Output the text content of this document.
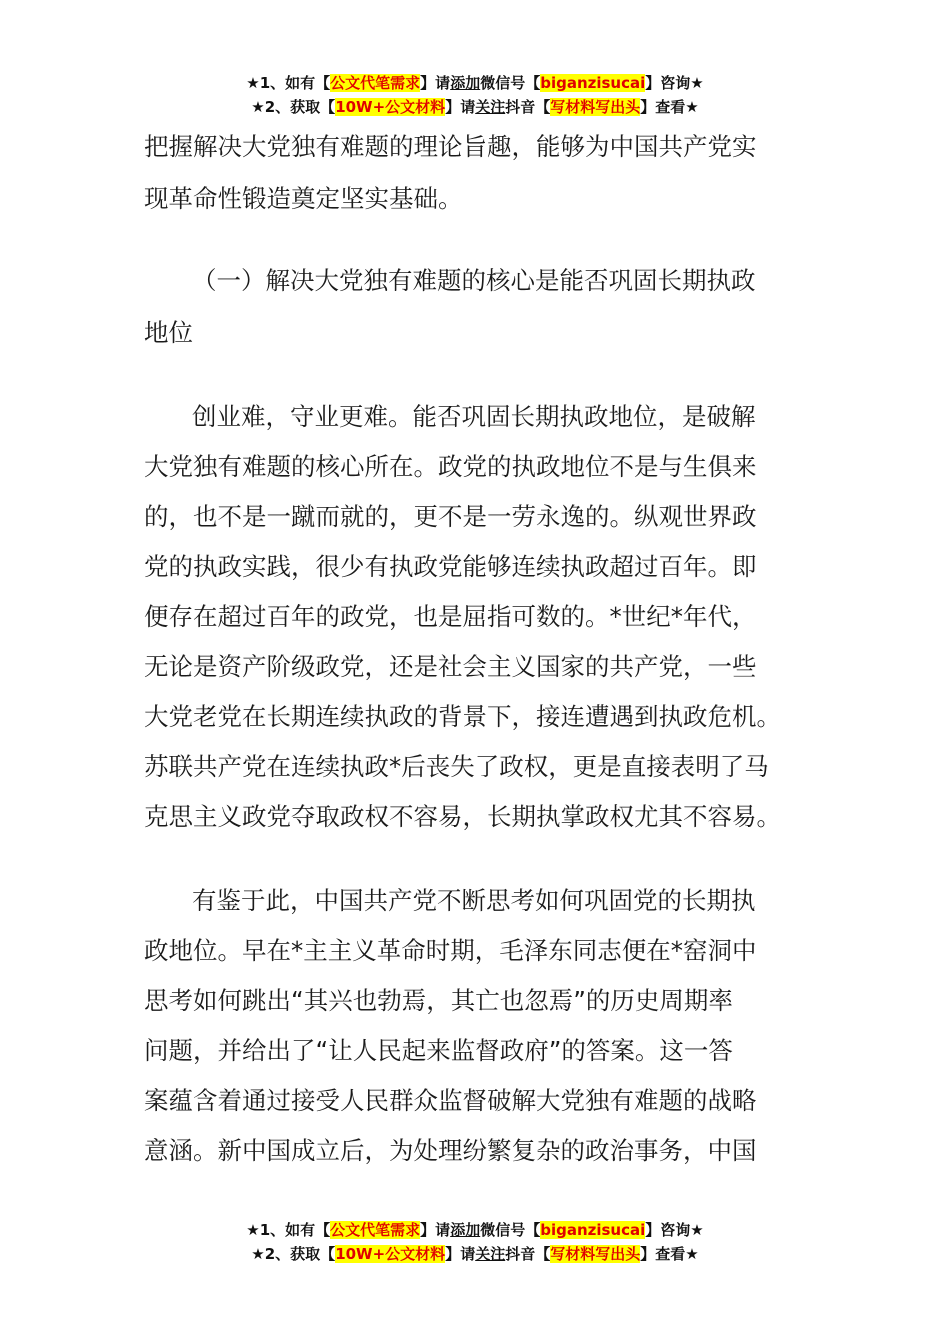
★1、如有【公文代笔需求】请添加微信号【biganzisucai】咨询★
★2、获取【10W+公文材料】请关注抖音【写材料写出头】查看★
把握解决大党独有难题的理论旨趣，能够为中国共产党实
现革命性锻造奠定坚实基础。
（一）解决大党独有难题的核心是能否巩固长期执政
地位
创业难，守业更难。能否巩固长期执政地位，是破解
大党独有难题的核心所在。政党的执政地位不是与生俱来
的，也不是一蹴而就的，更不是一劳永逸的。纵观世界政
党的执政实践，很少有执政党能够连续执政超过百年。即
便存在超过百年的政党，也是屈指可数的。*世纪*年代，
无论是资产阶级政党，还是社会主义国家的共产党，一些
大党老党在长期连续执政的背景下，接连遭遇到执政危机。
苏联共产党在连续执政*后丧失了政权，更是直接表明了马
克思主义政党夺取政权不容易，长期执掌政权尤其不容易。
有鉴于此，中国共产党不断思考如何巩固党的长期执
政地位。早在*主主义革命时期，毛泽东同志便在*窑洞中
思考如何跳出“其兴也勃焉，其亡也忽焉”的历史周期率
问题，并给出了“让人民起来监督政府”的答案。这一答
案蕴含着通过接受人民群众监督破解大党独有难题的战略
意涵。新中国成立后，为处理纷繁复杂的政治事务，中国
★1、如有【公文代笔需求】请添加微信号【biganzisucai】咨询★
★2、获取【10W+公文材料】请关注抖音【写材料写出头】查看★
